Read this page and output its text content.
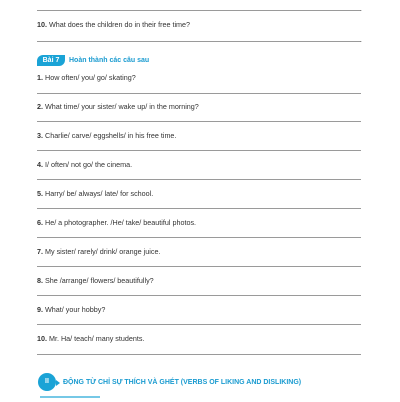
.
10. What does the children do in their free time?
.
Bài 7	Hoàn thành các câu sau
1. How often/ you/ go/ skating?
2. What time/ your sister/ wake up/ in the morning?
3. Charlie/ carve/ eggshells/ in his free time.
4. I/ often/ not go/ the cinema.
5. Harry/ be/ always/ late/ for school.
6. He/ a photographer. /He/ take/ beautiful photos.
7. My sister/ rarely/ drink/ orange juice.
8. She /arrange/ flowers/ beautifully?
9. What/ your hobby?
10. Mr. Ha/ teach/ many students.
II	ĐỘNG TỪ CHỈ SỰ THÍCH VÀ GHÉT (VERBS OF LIKING AND DISLIKING)
